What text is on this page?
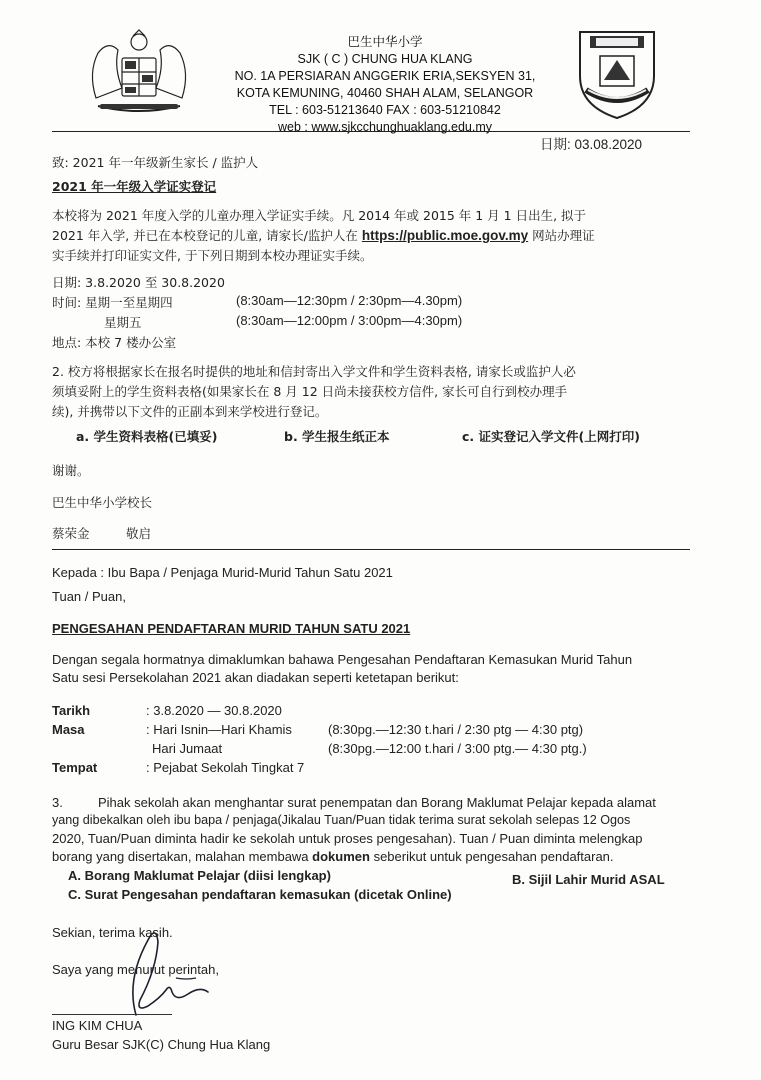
巴生中华小学
SJK ( C ) CHUNG HUA KLANG
NO. 1A PERSIARAN ANGGERIK ERIA,SEKSYEN 31,
KOTA KEMUNING, 40460 SHAH ALAM, SELANGOR
TEL : 603-51213640 FAX : 603-51210842
web : www.sjkcchunghuaklang.edu.my
日期: 03.08.2020
致: 2021 年一年级新生家长 / 监护人
2021 年一年级入学证实登记
本校将为 2021 年度入学的儿童办理入学证实手续。凡 2014 年或 2015 年 1 月 1 日出生, 拟于
2021 年入学, 并已在本校登记的儿童, 请家长/监护人在 https://public.moe.gov.my 网站办理证
实手续并打印证实文件, 于下列日期到本校办理证实手续。
日期: 3.8.2020 至 30.8.2020
时间: 星期一至星期四	(8:30am—12:30pm / 2:30pm—4.30pm)
星期五	(8:30am—12:00pm / 3:00pm—4:30pm)
地点: 本校 7 楼办公室
2. 校方将根据家长在报名时提供的地址和信封寄出入学文件和学生资料表格, 请家长或监护人必
须填妥附上的学生资料表格(如果家长在 8 月 12 日尚未接获校方信件, 家长可自行到校办理手
续), 并携带以下文件的正副本到来学校进行登记。
a. 学生资料表格(已填妥)	b. 学生报生纸正本	c. 证实登记入学文件(上网打印)
谢谢。
巴生中华小学校长
蔡荣金	敬启
Kepada : Ibu Bapa / Penjaga Murid-Murid Tahun Satu 2021
Tuan / Puan,
PENGESAHAN PENDAFTARAN MURID TAHUN SATU 2021
Dengan segala hormatnya dimaklumkan bahawa Pengesahan Pendaftaran Kemasukan Murid Tahun
Satu sesi Persekolahan 2021 akan diadakan seperti ketetapan berikut:
Tarikh	: 3.8.2020 — 30.8.2020
Masa	: Hari Isnin—Hari Khamis	(8:30pg.—12:30 t.hari / 2:30 ptg — 4:30 ptg)
Hari Jumaat	(8:30pg.—12:00 t.hari / 3:00 ptg.— 4:30 ptg.)
Tempat	: Pejabat Sekolah Tingkat 7
3.	Pihak sekolah akan menghantar surat penempatan dan Borang Maklumat Pelajar kepada alamat
yang dibekalkan oleh ibu bapa / penjaga(Jikalau Tuan/Puan tidak terima surat sekolah selepas 12 Ogos
2020, Tuan/Puan diminta hadir ke sekolah untuk proses pengesahan). Tuan / Puan diminta melengkap
borang yang disertakan, malahan membawa dokumen seberikut untuk pengesahan pendaftaran.
A. Borang Maklumat Pelajar (diisi lengkap)	B. Sijil Lahir Murid ASAL
C. Surat Pengesahan pendaftaran kemasukan (dicetak Online)
Sekian, terima kasih.
Saya yang menurut perintah,
ING KIM CHUA
Guru Besar SJK(C) Chung Hua Klang
